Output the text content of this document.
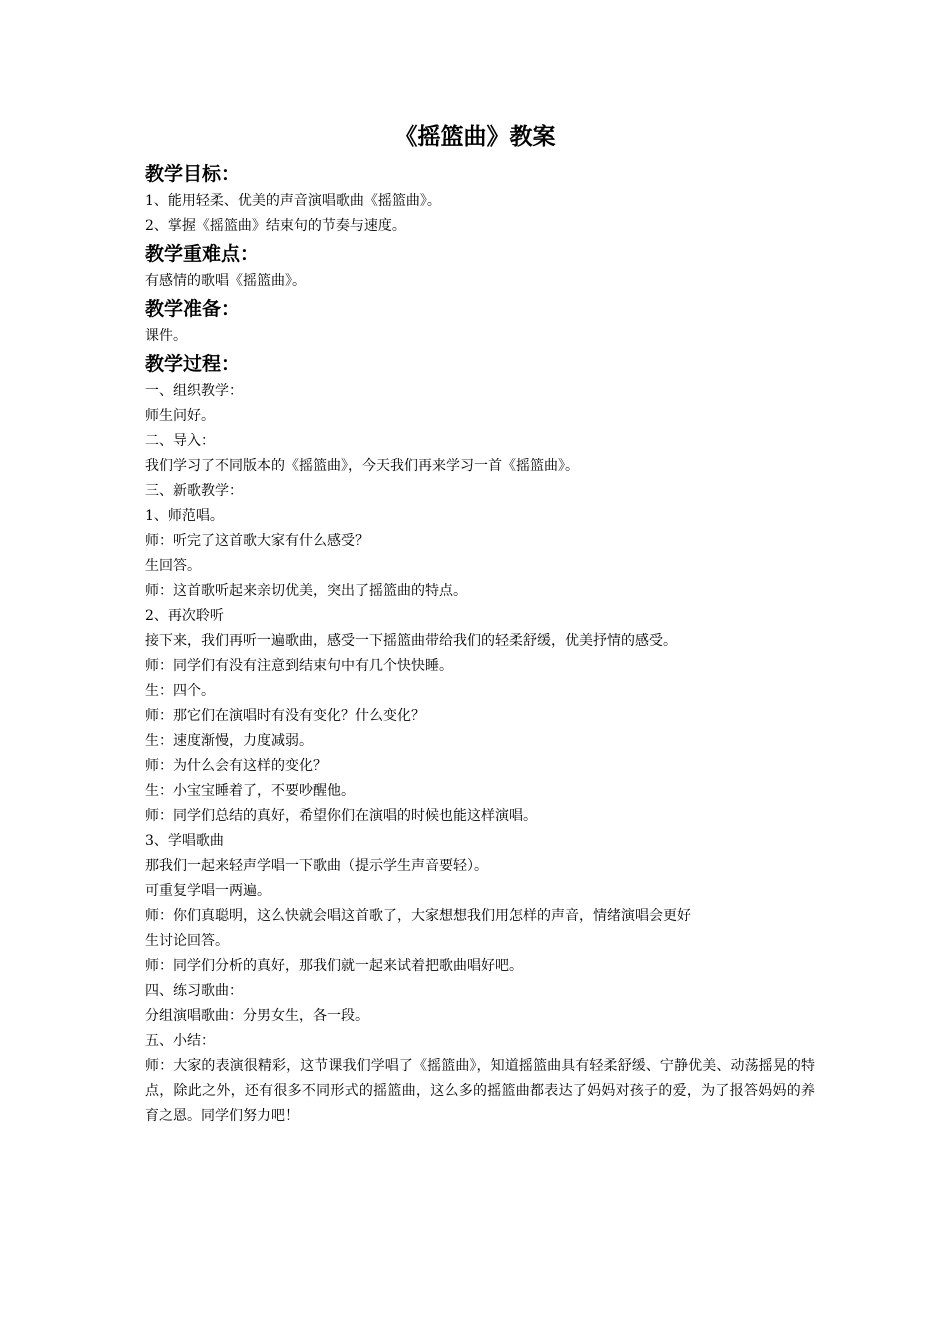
《摇篮曲》教案
教学目标：
1、能用轻柔、优美的声音演唱歌曲《摇篮曲》。
2、掌握《摇篮曲》结束句的节奏与速度。
教学重难点：
有感情的歌唱《摇篮曲》。
教学准备：
课件。
教学过程：
一、组织教学：
师生问好。
二、导入：
我们学习了不同版本的《摇篮曲》，今天我们再来学习一首《摇篮曲》。
三、新歌教学：
1、师范唱。
师：听完了这首歌大家有什么感受？
生回答。
师：这首歌听起来亲切优美，突出了摇篮曲的特点。
2、再次聆听
接下来，我们再听一遍歌曲，感受一下摇篮曲带给我们的轻柔舒缓，优美抒情的感受。
师：同学们有没有注意到结束句中有几个快快睡。
生：四个。
师：那它们在演唱时有没有变化？什么变化？
生：速度渐慢，力度减弱。
师：为什么会有这样的变化？
生：小宝宝睡着了，不要吵醒他。
师：同学们总结的真好，希望你们在演唱的时候也能这样演唱。
3、学唱歌曲
那我们一起来轻声学唱一下歌曲（提示学生声音要轻）。
可重复学唱一两遍。
师：你们真聪明，这么快就会唱这首歌了，大家想想我们用怎样的声音，情绪演唱会更好
生讨论回答。
师：同学们分析的真好，那我们就一起来试着把歌曲唱好吧。
四、练习歌曲：
分组演唱歌曲：分男女生，各一段。
五、小结：
师：大家的表演很精彩，这节课我们学唱了《摇篮曲》，知道摇篮曲具有轻柔舒缓、宁静优美、动荡摇晃的特点，除此之外，还有很多不同形式的摇篮曲，这么多的摇篮曲都表达了妈妈对孩子的爱，为了报答妈妈的养育之恩。同学们努力吧！
